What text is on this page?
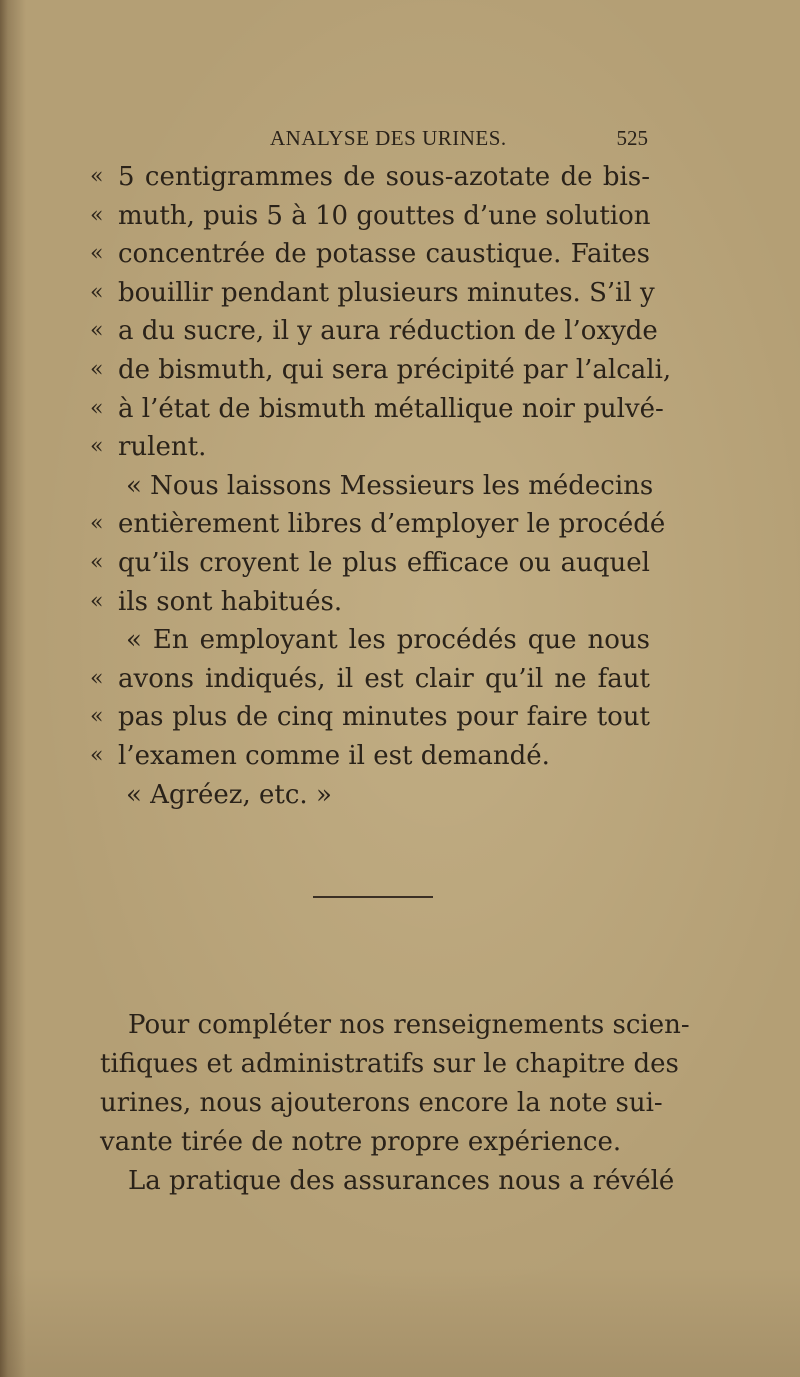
ANALYSE DES URINES.	525
« 5 centigrammes de sous-azotate de bis-
« muth, puis 5 à 10 gouttes d’une solution
« concentrée de potasse caustique. Faites
« bouillir pendant plusieurs minutes. S’il y
« a du sucre, il y aura réduction de l’oxyde
« de bismuth, qui sera précipité par l’alcali,
« à l’état de bismuth métallique noir pulvé-
« rulent.
« Nous laissons Messieurs les médecins
« entièrement libres d’employer le procédé
« qu’ils croyent le plus efficace ou auquel
« ils sont habitués.
« En employant les procédés que nous
« avons indiqués, il est clair qu’il ne faut
« pas plus de cinq minutes pour faire tout
« l’examen comme il est demandé.
« Agréez, etc. »
Pour compléter nos renseignements scien-
tifiques et administratifs sur le chapitre des
urines, nous ajouterons encore la note sui-
vante tirée de notre propre expérience.
La pratique des assurances nous a révélé
